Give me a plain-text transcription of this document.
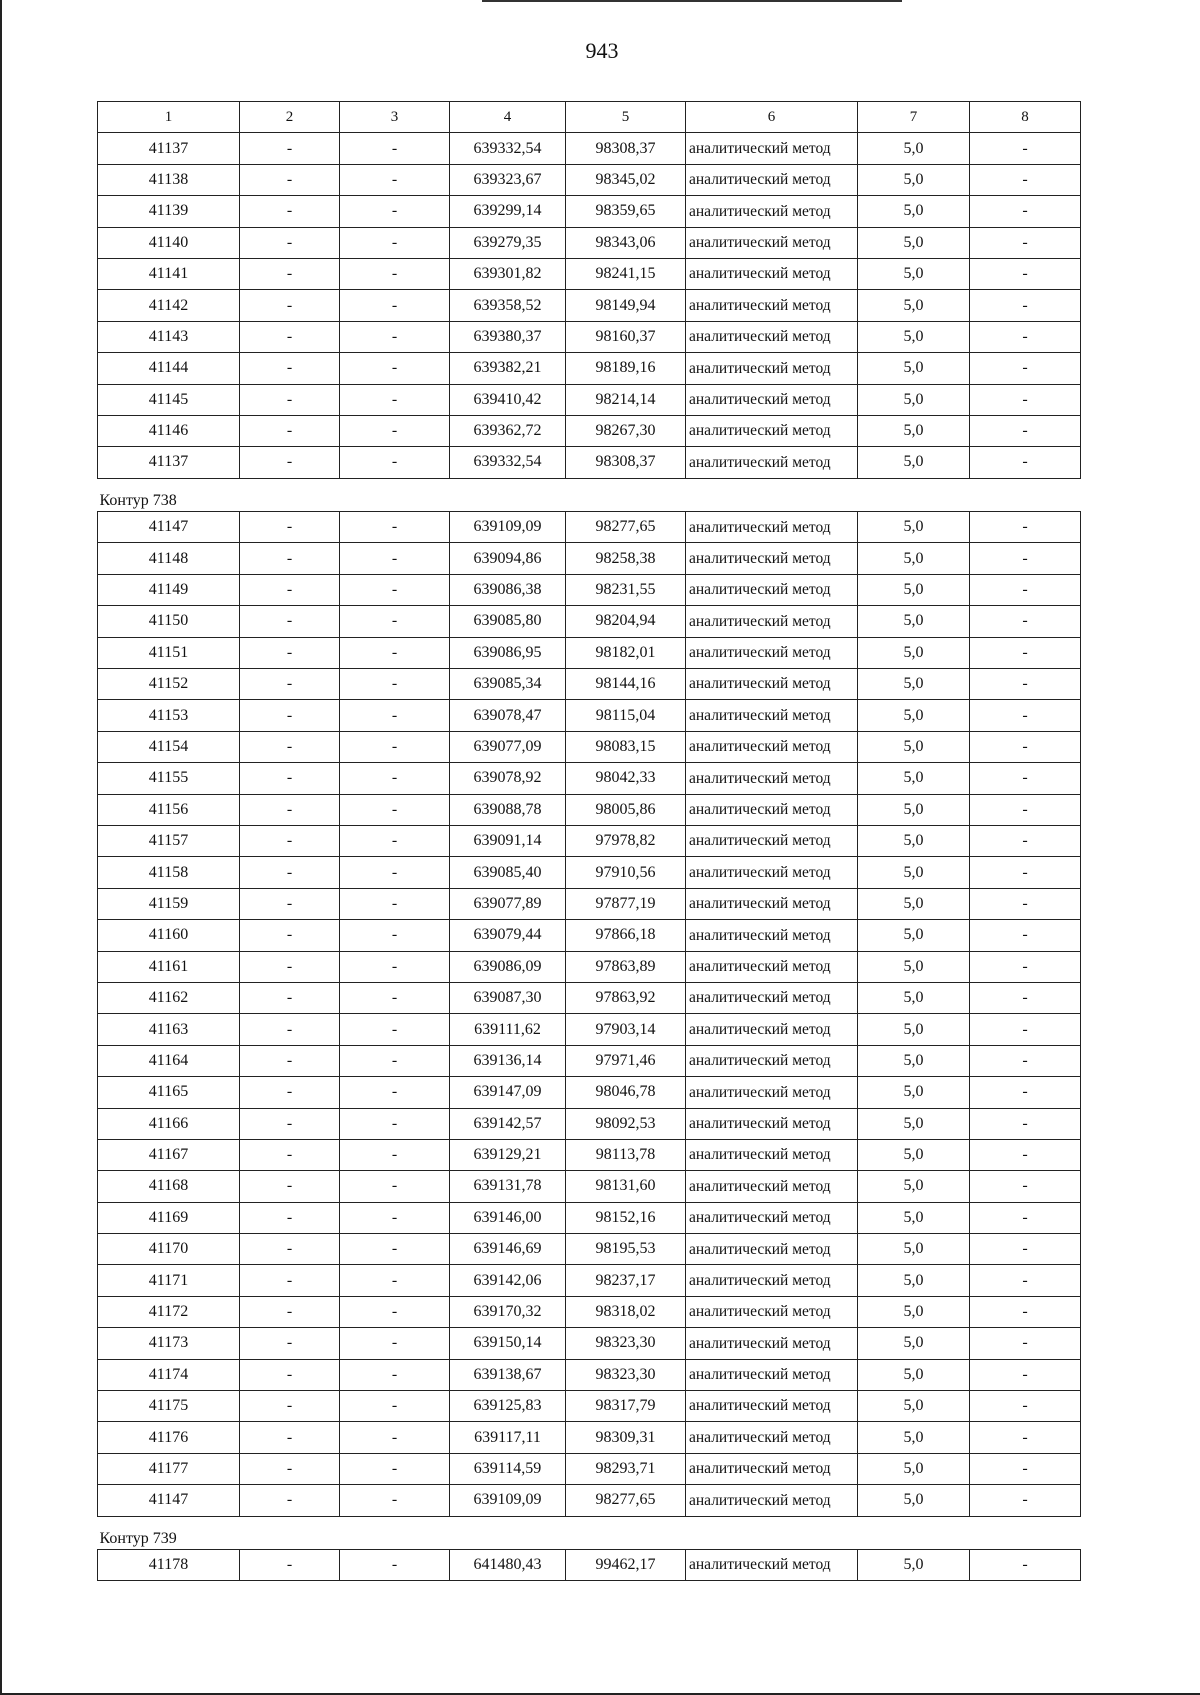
943
1	2	3	4	5	6	7	8
41137	-	-	639332,54	98308,37	аналитический метод	5,0	-
41138	-	-	639323,67	98345,02	аналитический метод	5,0	-
41139	-	-	639299,14	98359,65	аналитический метод	5,0	-
41140	-	-	639279,35	98343,06	аналитический метод	5,0	-
41141	-	-	639301,82	98241,15	аналитический метод	5,0	-
41142	-	-	639358,52	98149,94	аналитический метод	5,0	-
41143	-	-	639380,37	98160,37	аналитический метод	5,0	-
41144	-	-	639382,21	98189,16	аналитический метод	5,0	-
41145	-	-	639410,42	98214,14	аналитический метод	5,0	-
41146	-	-	639362,72	98267,30	аналитический метод	5,0	-
41137	-	-	639332,54	98308,37	аналитический метод	5,0	-
Контур 738							
41147	-	-	639109,09	98277,65	аналитический метод	5,0	-
41148	-	-	639094,86	98258,38	аналитический метод	5,0	-
41149	-	-	639086,38	98231,55	аналитический метод	5,0	-
41150	-	-	639085,80	98204,94	аналитический метод	5,0	-
41151	-	-	639086,95	98182,01	аналитический метод	5,0	-
41152	-	-	639085,34	98144,16	аналитический метод	5,0	-
41153	-	-	639078,47	98115,04	аналитический метод	5,0	-
41154	-	-	639077,09	98083,15	аналитический метод	5,0	-
41155	-	-	639078,92	98042,33	аналитический метод	5,0	-
41156	-	-	639088,78	98005,86	аналитический метод	5,0	-
41157	-	-	639091,14	97978,82	аналитический метод	5,0	-
41158	-	-	639085,40	97910,56	аналитический метод	5,0	-
41159	-	-	639077,89	97877,19	аналитический метод	5,0	-
41160	-	-	639079,44	97866,18	аналитический метод	5,0	-
41161	-	-	639086,09	97863,89	аналитический метод	5,0	-
41162	-	-	639087,30	97863,92	аналитический метод	5,0	-
41163	-	-	639111,62	97903,14	аналитический метод	5,0	-
41164	-	-	639136,14	97971,46	аналитический метод	5,0	-
41165	-	-	639147,09	98046,78	аналитический метод	5,0	-
41166	-	-	639142,57	98092,53	аналитический метод	5,0	-
41167	-	-	639129,21	98113,78	аналитический метод	5,0	-
41168	-	-	639131,78	98131,60	аналитический метод	5,0	-
41169	-	-	639146,00	98152,16	аналитический метод	5,0	-
41170	-	-	639146,69	98195,53	аналитический метод	5,0	-
41171	-	-	639142,06	98237,17	аналитический метод	5,0	-
41172	-	-	639170,32	98318,02	аналитический метод	5,0	-
41173	-	-	639150,14	98323,30	аналитический метод	5,0	-
41174	-	-	639138,67	98323,30	аналитический метод	5,0	-
41175	-	-	639125,83	98317,79	аналитический метод	5,0	-
41176	-	-	639117,11	98309,31	аналитический метод	5,0	-
41177	-	-	639114,59	98293,71	аналитический метод	5,0	-
41147	-	-	639109,09	98277,65	аналитический метод	5,0	-
Контур 739							
41178	-	-	641480,43	99462,17	аналитический метод	5,0	-
